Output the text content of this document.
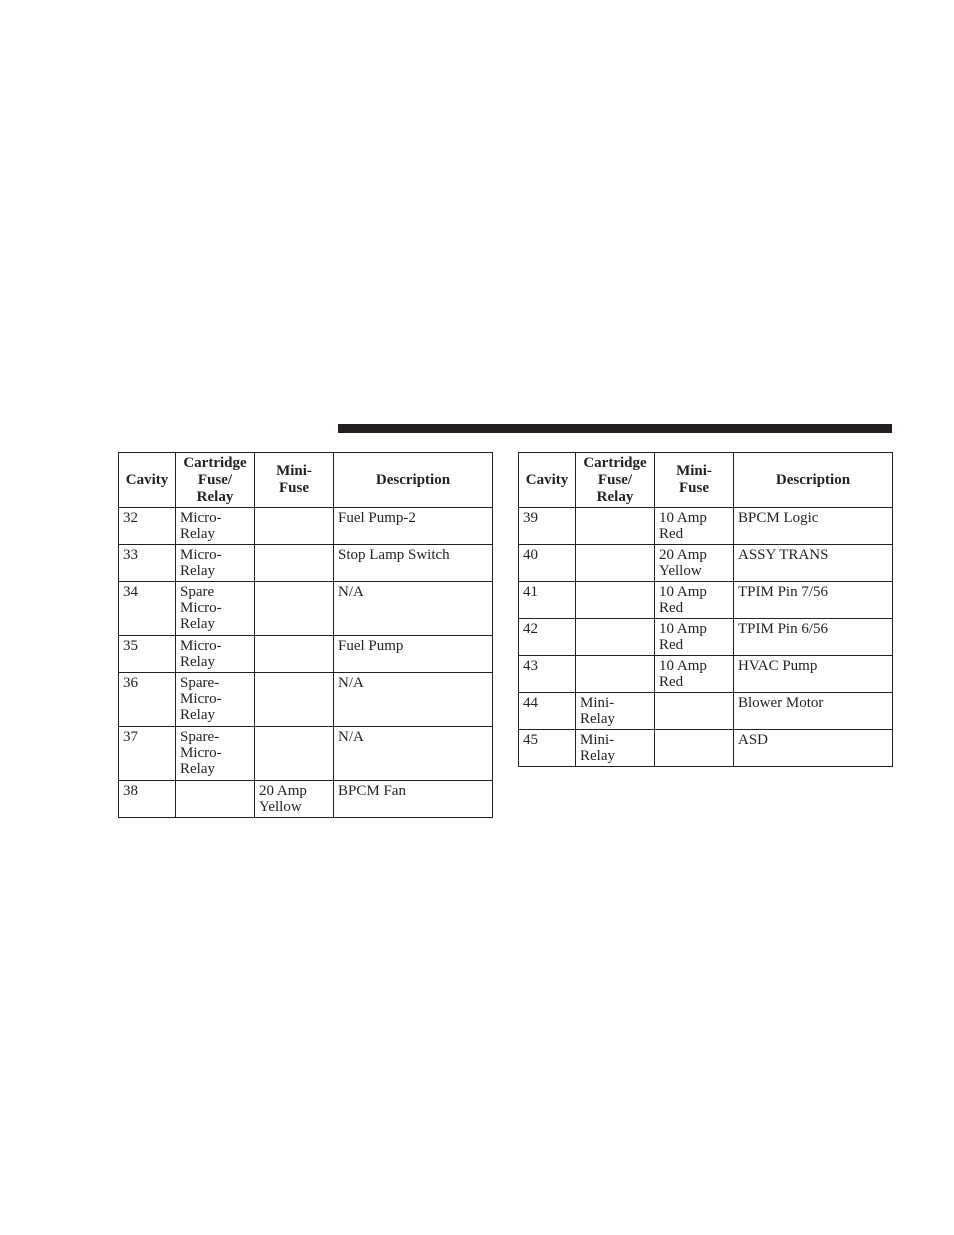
Cavity	Cartridge
Fuse/
Relay	Mini-
Fuse	Description

32	Micro-
Relay		Fuel Pump-2
33	Micro-
Relay		Stop Lamp Switch
34	Spare
Micro-
Relay		N/A
35	Micro-
Relay		Fuel Pump
36	Spare-
Micro-
Relay		N/A
37	Spare-
Micro-
Relay		N/A
38		20 Amp
Yellow	BPCM Fan
Cavity	Cartridge
Fuse/
Relay	Mini-
Fuse	Description

39		10 Amp
Red	BPCM Logic
40		20 Amp
Yellow	ASSY TRANS
41		10 Amp
Red	TPIM Pin 7/56
42		10 Amp
Red	TPIM Pin 6/56
43		10 Amp
Red	HVAC Pump
44	Mini-
Relay		Blower Motor
45	Mini-
Relay		ASD
